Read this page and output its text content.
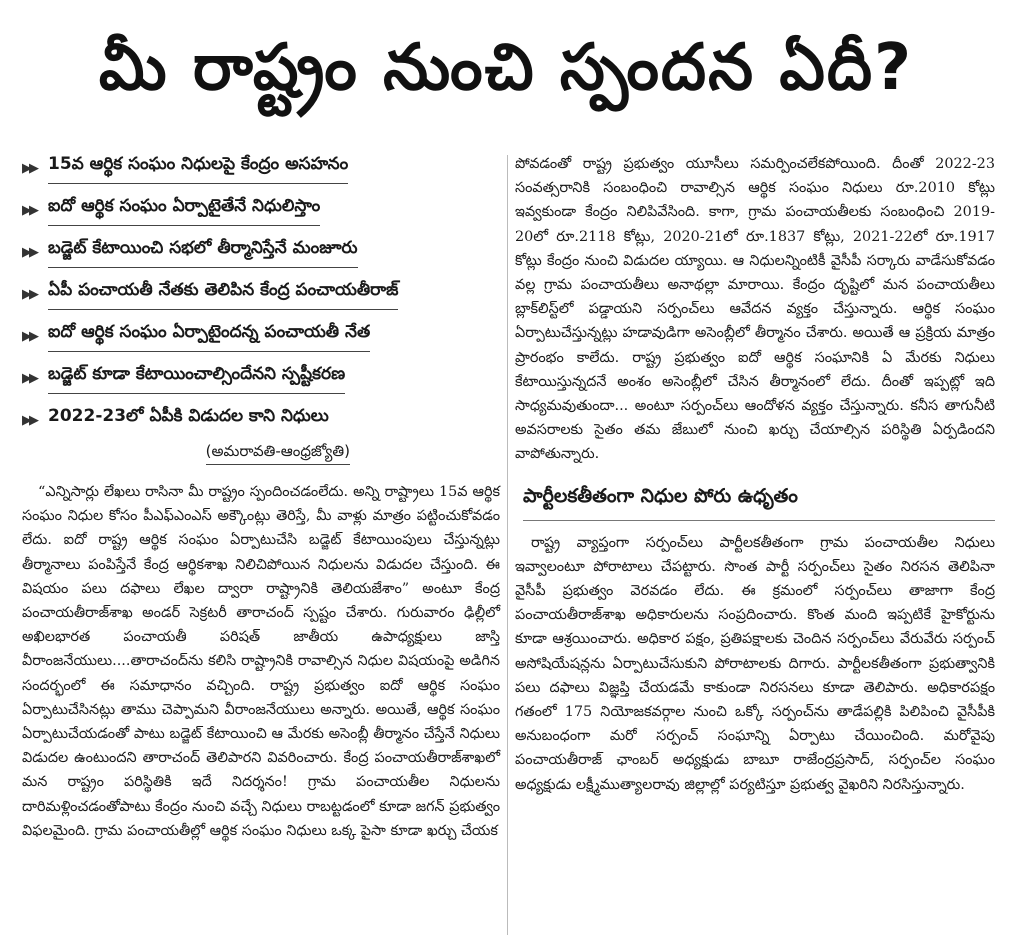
మీ రాష్ట్రం నుంచి స్పందన ఏదీ?
▶▶ 15వ ఆర్థిక సంఘం నిధులపై కేంద్రం అసహనం
▶▶ ఐదో ఆర్థిక సంఘం ఏర్పాటైతేనే నిధులిస్తాం
▶▶ బడ్జెట్ కేటాయించి సభలో తీర్మానిస్తేనే మంజూరు
▶▶ ఏపీ పంచాయతీ నేతకు తెలిపిన కేంద్ర పంచాయతీరాజ్
▶▶ ఐదో ఆర్థిక సంఘం ఏర్పాటైందన్న పంచాయతీ నేత
▶▶ బడ్జెట్ కూడా కేటాయించాల్సిందేనని స్పష్టీకరణ
▶▶ 2022-23లో ఏపీకి విడుదల కాని నిధులు
(అమరావతి-ఆంధ్రజ్యోతి)

“ఎన్నిసార్లు లేఖలు రాసినా మీ రాష్ట్రం స్పందించడంలేదు. అన్ని రాష్ట్రాలు 15వ ఆర్థిక సంఘం నిధుల కోసం పీఎఫ్ఎంఎస్ అక్కౌంట్లు తెరిస్తే, మీ వాళ్లు మాత్రం పట్టించుకోవడం లేదు. ఐదో రాష్ట్ర ఆర్థిక సంఘం ఏర్పాటుచేసి బడ్జెట్ కేటాయింపులు చేస్తున్నట్లు తీర్మానాలు పంపిస్తేనే కేంద్ర ఆర్థికశాఖ నిలిచిపోయిన నిధులను విడుదల చేస్తుంది. ఈ విషయం పలు దఫాలు లేఖల ద్వారా రాష్ట్రానికి తెలియజేశాం” అంటూ కేంద్ర పంచాయతీరాజ్‌శాఖ అండర్ సెక్రటరీ తారాచంద్ స్పష్టం చేశారు. గురువారం ఢిల్లీలో అఖిలభారత పంచాయతీ పరిషత్ జాతీయ ఉపాధ్యక్షులు జాస్తి వీరాంజనేయులు....తారాచంద్‌ను కలిసి రాష్ట్రానికి రావాల్సిన నిధుల విషయంపై అడిగిన సందర్భంలో ఈ సమాధానం వచ్చింది. రాష్ట్ర ప్రభుత్వం ఐదో ఆర్థిక సంఘం ఏర్పాటుచేసినట్లు తాము చెప్పామని వీరాంజనేయులు అన్నారు. అయితే, ఆర్థిక సంఘం ఏర్పాటుచేయడంతో పాటు బడ్జెట్ కేటాయించి ఆ మేరకు అసెంబ్లీ తీర్మానం చేస్తేనే నిధులు విడుదల ఉంటుందని తారాచంద్ తెలిపారని వివరించారు. కేంద్ర పంచాయతీరాజ్‌శాఖలో మన రాష్ట్రం పరిస్థితికి ఇదే నిదర్శనం! గ్రామ పంచాయతీల నిధులను దారిమళ్లించడంతోపాటు కేంద్రం నుంచి వచ్చే నిధులు రాబట్టడంలో కూడా జగన్ ప్రభుత్వం విఫలమైంది. గ్రామ పంచాయతీల్లో ఆర్థిక సంఘం నిధులు ఒక్క పైసా కూడా ఖర్చు చేయక

పోవడంతో రాష్ట్ర ప్రభుత్వం యూసీలు సమర్పించలేకపోయింది. దీంతో 2022-23 సంవత్సరానికి సంబంధించి రావాల్సిన ఆర్థిక సంఘం నిధులు రూ.2010 కోట్లు ఇవ్వకుండా కేంద్రం నిలిపివేసింది. కాగా, గ్రామ పంచాయతీలకు సంబంధించి 2019-20లో రూ.2118 కోట్లు, 2020-21లో రూ.1837 కోట్లు, 2021-22లో రూ.1917 కోట్లు కేంద్రం నుంచి విడుదల య్యాయి. ఆ నిధులన్నింటికీ వైసీపీ సర్కారు వాడేసుకోవడం వల్ల గ్రామ పంచాయతీలు అనాథల్లా మారాయి. కేంద్రం దృష్టిలో మన పంచాయతీలు బ్లాక్‌లిస్ట్‌లో పడ్డాయని సర్పంచ్‌లు ఆవేదన వ్యక్తం చేస్తున్నారు. ఆర్థిక సంఘం ఏర్పాటుచేస్తున్నట్లు హడావుడిగా అసెంబ్లీలో తీర్మానం చేశారు. అయితే ఆ ప్రక్రియ మాత్రం ప్రారంభం కాలేదు. రాష్ట్ర ప్రభుత్వం ఐదో ఆర్థిక సంఘానికి ఏ మేరకు నిధులు కేటాయిస్తున్నదనే అంశం అసెంబ్లీలో చేసిన తీర్మానంలో లేదు. దీంతో ఇప్పట్లో ఇది సాధ్యమవుతుందా... అంటూ సర్పంచ్‌లు ఆందోళన వ్యక్తం చేస్తున్నారు. కనీస తాగునీటి అవసరాలకు సైతం తమ జేబులో నుంచి ఖర్చు చేయాల్సిన పరిస్థితి ఏర్పడిందని వాపోతున్నారు.

పార్టీలకతీతంగా నిధుల పోరు ఉధృతం

రాష్ట్ర వ్యాప్తంగా సర్పంచ్‌లు పార్టీలకతీతంగా గ్రామ పంచాయతీల నిధులు ఇవ్వాలంటూ పోరాటాలు చేపట్టారు. సొంత పార్టీ సర్పంచ్‌లు సైతం నిరసన తెలిపినా వైసీపీ ప్రభుత్వం వెరవడం లేదు. ఈ క్రమంలో సర్పంచ్‌లు తాజాగా కేంద్ర పంచాయతీరాజ్‌శాఖ అధికారులను సంప్రదించారు. కొంత మంది ఇప్పటికే హైకోర్టును కూడా ఆశ్రయించారు. అధికార పక్షం, ప్రతిపక్షాలకు చెందిన సర్పంచ్‌లు వేరువేరు సర్పంచ్ అసోషియేషన్లను ఏర్పాటుచేసుకుని పోరాటాలకు దిగారు. పార్టీలకతీతంగా ప్రభుత్వానికి పలు దఫాలు విజ్ఞప్తి చేయడమే కాకుండా నిరసనలు కూడా తెలిపారు. అధికారపక్షం గతంలో 175 నియోజకవర్గాల నుంచి ఒక్కో సర్పంచ్‌ను తాడేపల్లికి పిలిపించి వైసీపీకి అనుబంధంగా మరో సర్పంచ్ సంఘాన్ని ఏర్పాటు చేయించింది. మరోవైపు పంచాయతీరాజ్ ఛాంబర్ అధ్యక్షుడు బాబూ రాజేంద్రప్రసాద్, సర్పంచ్‌ల సంఘం అధ్యక్షుడు లక్ష్మీముత్యాలరావు జిల్లాల్లో పర్యటిస్తూ ప్రభుత్వ వైఖరిని నిరసిస్తున్నారు.
